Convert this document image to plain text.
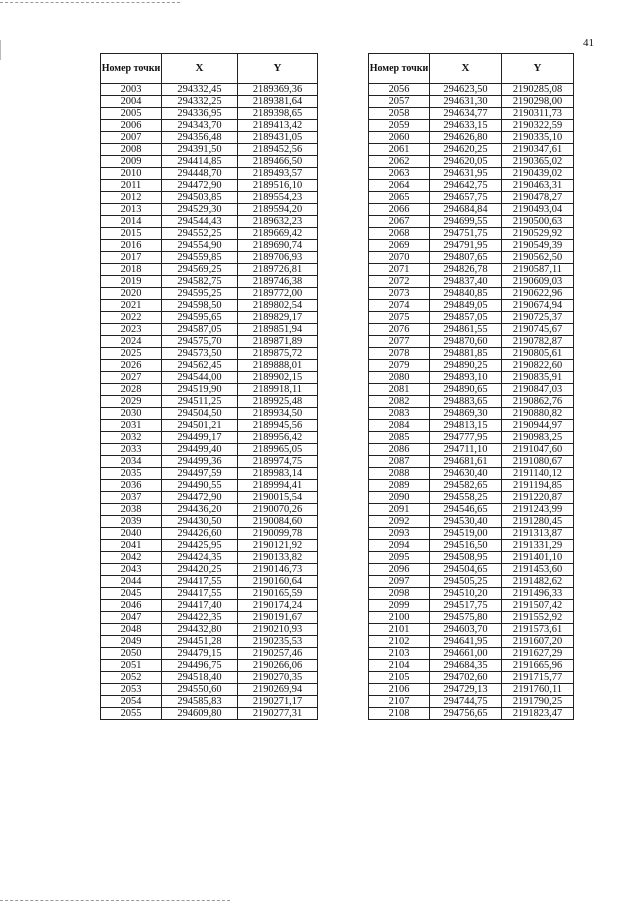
41
Номер точки	X	Y
2003	294332,45	2189369,36
2004	294332,25	2189381,64
2005	294336,95	2189398,65
2006	294343,70	2189413,42
2007	294356,48	2189431,05
2008	294391,50	2189452,56
2009	294414,85	2189466,50
2010	294448,70	2189493,57
2011	294472,90	2189516,10
2012	294503,85	2189554,23
2013	294529,30	2189594,20
2014	294544,43	2189632,23
2015	294552,25	2189669,42
2016	294554,90	2189690,74
2017	294559,85	2189706,93
2018	294569,25	2189726,81
2019	294582,75	2189746,38
2020	294595,25	2189772,00
2021	294598,50	2189802,54
2022	294595,65	2189829,17
2023	294587,05	2189851,94
2024	294575,70	2189871,89
2025	294573,50	2189875,72
2026	294562,45	2189888,01
2027	294544,00	2189902,15
2028	294519,90	2189918,11
2029	294511,25	2189925,48
2030	294504,50	2189934,50
2031	294501,21	2189945,56
2032	294499,17	2189956,42
2033	294499,40	2189965,05
2034	294499,36	2189974,75
2035	294497,59	2189983,14
2036	294490,55	2189994,41
2037	294472,90	2190015,54
2038	294436,20	2190070,26
2039	294430,50	2190084,60
2040	294426,60	2190099,78
2041	294425,95	2190121,92
2042	294424,35	2190133,82
2043	294420,25	2190146,73
2044	294417,55	2190160,64
2045	294417,55	2190165,59
2046	294417,40	2190174,24
2047	294422,35	2190191,67
2048	294432,80	2190210,93
2049	294451,28	2190235,53
2050	294479,15	2190257,46
2051	294496,75	2190266,06
2052	294518,40	2190270,35
2053	294550,60	2190269,94
2054	294585,83	2190271,17
2055	294609,80	2190277,31
Номер точки	X	Y
2056	294623,50	2190285,08
2057	294631,30	2190298,00
2058	294634,77	2190311,73
2059	294633,15	2190322,59
2060	294626,80	2190335,10
2061	294620,25	2190347,61
2062	294620,05	2190365,02
2063	294631,95	2190439,02
2064	294642,75	2190463,31
2065	294657,75	2190478,27
2066	294684,84	2190493,04
2067	294699,55	2190500,63
2068	294751,75	2190529,92
2069	294791,95	2190549,39
2070	294807,65	2190562,50
2071	294826,78	2190587,11
2072	294837,40	2190609,03
2073	294840,85	2190622,96
2074	294849,05	2190674,94
2075	294857,05	2190725,37
2076	294861,55	2190745,67
2077	294870,60	2190782,87
2078	294881,85	2190805,61
2079	294890,25	2190822,60
2080	294893,10	2190835,91
2081	294890,65	2190847,03
2082	294883,65	2190862,76
2083	294869,30	2190880,82
2084	294813,15	2190944,97
2085	294777,95	2190983,25
2086	294711,10	2191047,60
2087	294681,61	2191080,67
2088	294630,40	2191140,12
2089	294582,65	2191194,85
2090	294558,25	2191220,87
2091	294546,65	2191243,99
2092	294530,40	2191280,45
2093	294519,00	2191313,87
2094	294516,50	2191331,29
2095	294508,95	2191401,10
2096	294504,65	2191453,60
2097	294505,25	2191482,62
2098	294510,20	2191496,33
2099	294517,75	2191507,42
2100	294575,80	2191552,92
2101	294603,70	2191573,61
2102	294641,95	2191607,20
2103	294661,00	2191627,29
2104	294684,35	2191665,96
2105	294702,60	2191715,77
2106	294729,13	2191760,11
2107	294744,75	2191790,25
2108	294756,65	2191823,47
